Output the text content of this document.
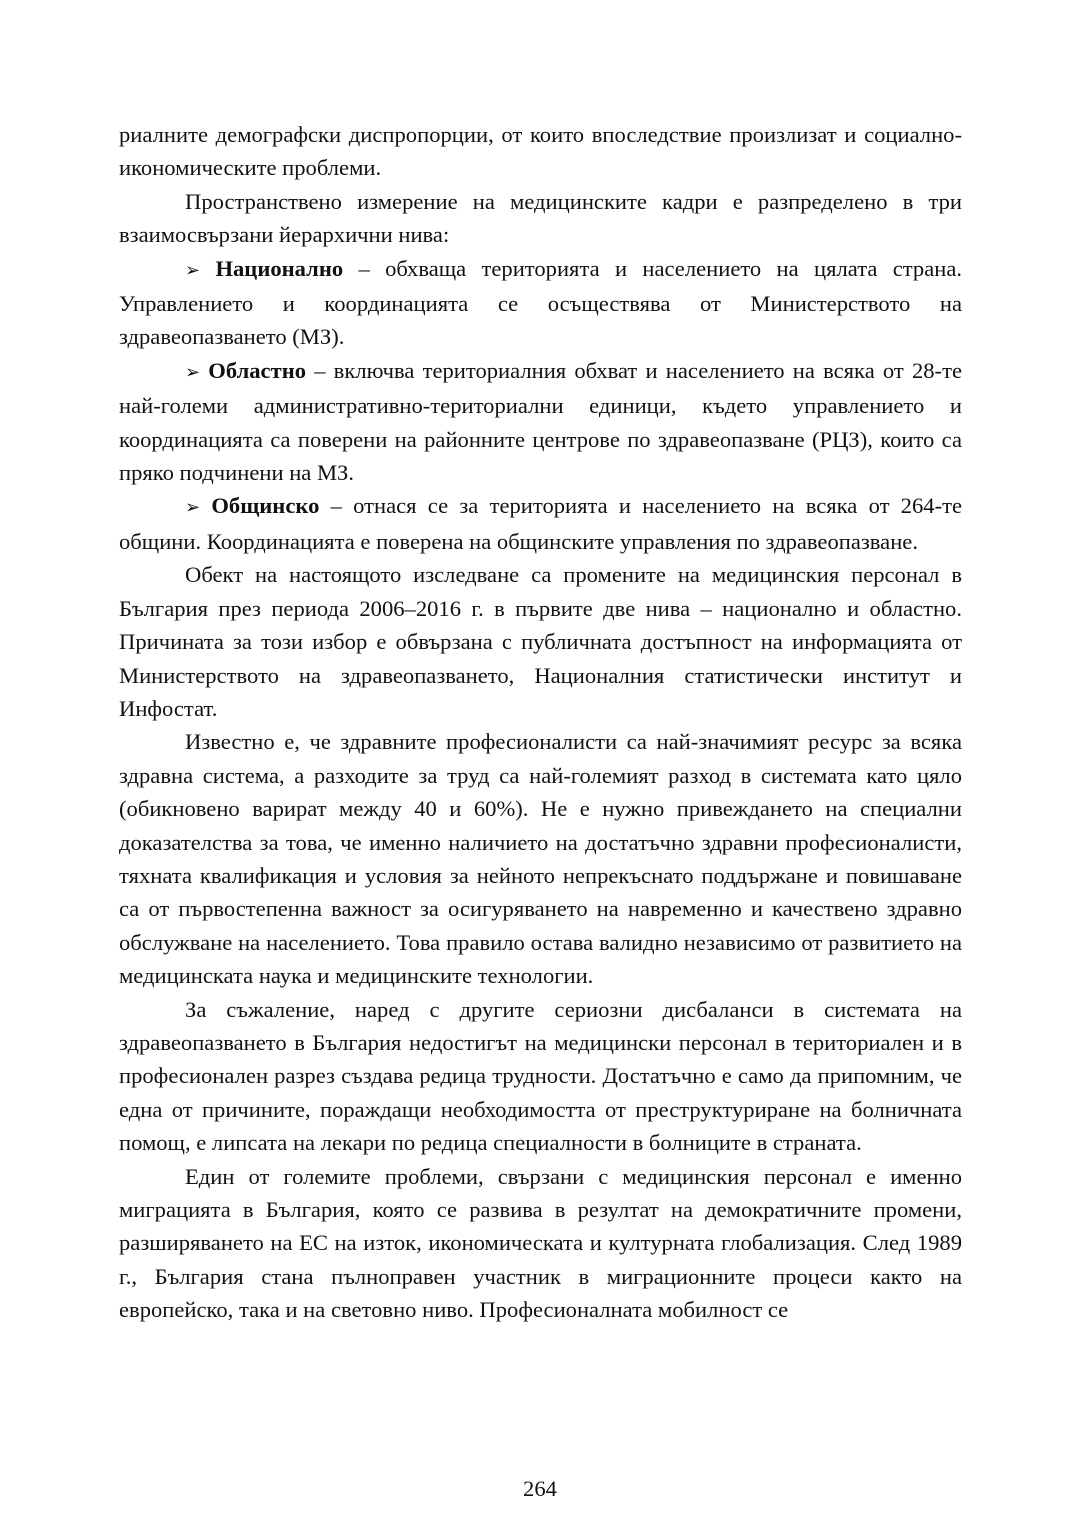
риалните демографски диспропорции, от които впоследствие произлизат и социално-икономическите проблеми.

Пространствено измерение на медицинските кадри е разпределено в три взаимосвързани йерархични нива:

➢ Национално – обхваща територията и населението на цялата страна. Управлението и координацията се осъществява от Министерството на здравеопазването (МЗ).

➢ Областно – включва териториалния обхват и населението на всяка от 28-те най-големи административно-териториални единици, където управлението и координацията са поверени на районните центрове по здравеопазване (РЦЗ), които са пряко подчинени на МЗ.

➢ Общинско – отнася се за територията и населението на всяка от 264-те общини. Координацията е поверена на общинските управления по здравеопазване.

Обект на настоящото изследване са промените на медицинския персонал в България през периода 2006–2016 г. в първите две нива – национално и областно. Причината за този избор е обвързана с публичната достъпност на информацията от Министерството на здравеопазването, Националния статистически институт и Инфостат.

Известно е, че здравните професионалисти са най-значимият ресурс за всяка здравна система, а разходите за труд са най-големият разход в системата като цяло (обикновено варират между 40 и 60%). Не е нужно привеждането на специални доказателства за това, че именно наличието на достатъчно здравни професионалисти, тяхната квалификация и условия за нейното непрекъснато поддържане и повишаване са от първостепенна важност за осигуряването на навременно и качествено здравно обслужване на населението. Това правило остава валидно независимо от развитието на медицинската наука и медицинските технологии.

За съжаление, наред с другите сериозни дисбаланси в системата на здравеопазването в България недостигът на медицински персонал в териториален и в професионален разрез създава редица трудности. Достатъчно е само да припомним, че една от причините, пораждащи необходимостта от преструктуриране на болничната помощ, е липсата на лекари по редица специалности в болниците в страната.

Един от големите проблеми, свързани с медицинския персонал е именно миграцията в България, която се развива в резултат на демократичните промени, разширяването на ЕС на изток, икономическата и културната глобализация. След 1989 г., България стана пълноправен участник в миграционните процеси както на европейско, така и на световно ниво. Професионалната мобилност се

264
